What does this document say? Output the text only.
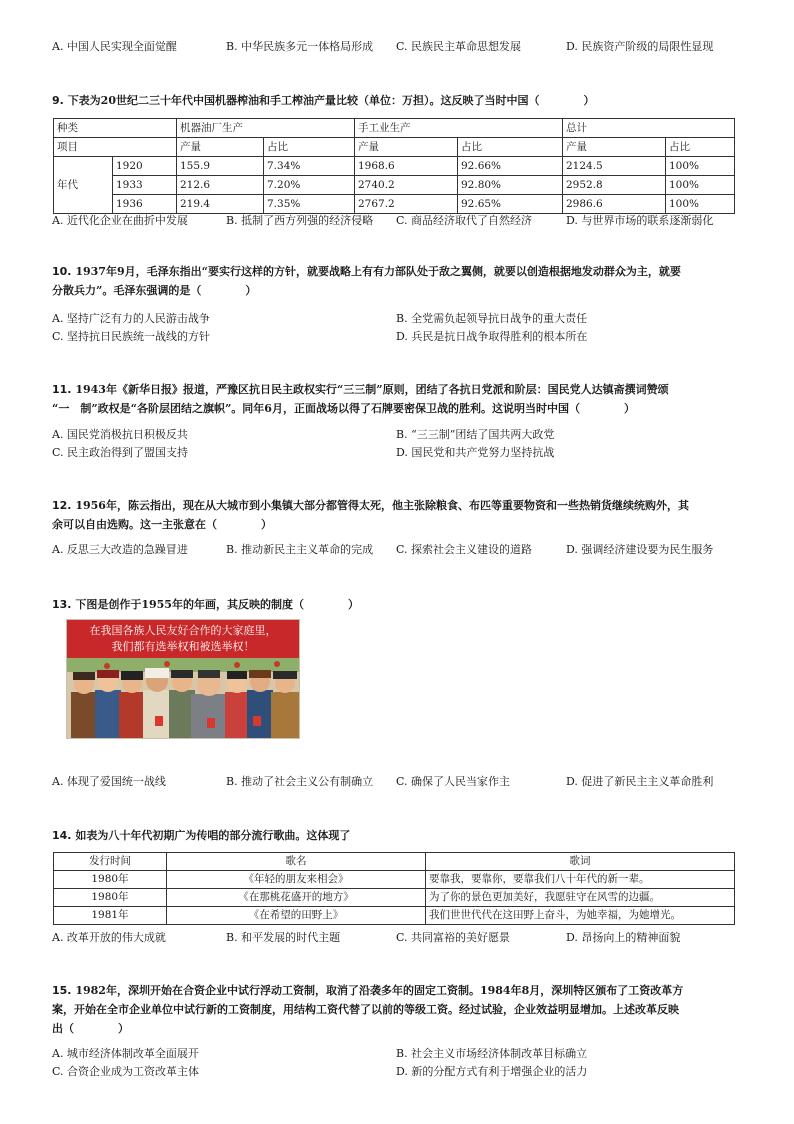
A. 中国人民实现全面觉醒	B. 中华民族多元一体格局形成 C. 民族民主革命思想发展	D. 民族资产阶级的局限性显现
9. 下表为20世纪二三十年代中国机器榨油和手工榨油产量比较（单位：万担）。这反映了当时中国（　　　　）
种类		机器油厂生产		手工业生产		总计	
项目		产量	占比	产量	占比	产量	占比
年代	1920	155.9	7.34%	1968.6	92.66%	2124.5	100%
	1933	212.6	7.20%	2740.2	92.80%	2952.8	100%
	1936	219.4	7.35%	2767.2	92.65%	2986.6	100%
A. 近代化企业在曲折中发展	B. 抵制了西方列强的经济侵略 C. 商品经济取代了自然经济	D. 与世界市场的联系逐渐弱化
10. 1937年9月，毛泽东指出“要实行这样的方针，就要战略上有有力部队处于敌之翼侧，就要以创造根据地发动群众为主，就要
分散兵力”。毛泽东强调的是（　　　　）
A. 坚持广泛有力的人民游击战争	B. 全党需负起领导抗日战争的重大责任
C. 坚持抗日民族统一战线的方针	D. 兵民是抗日战争取得胜利的根本所在
11. 1943年《新华日报》报道，严豫区抗日民主政权实行“三三制”原则，团结了各抗日党派和阶层：国民党人达镇斋撰词赞颂
“一　制”政权是“各阶层团结之旗帜”。同年6月，正面战场以得了石牌要密保卫战的胜利。这说明当时中国（　　　　）
A. 国民党消极抗日积极反共	B. “三三制”团结了国共两大政党
C. 民主政治得到了盟国支持	D. 国民党和共产党努力坚持抗战
12. 1956年，陈云指出，现在从大城市到小集镇大部分都管得太死，他主张除粮食、布匹等重要物资和一些热销货继续统购外，其
余可以自由选购。这一主张意在（　　　　）
A. 反思三大改造的急躁冒进	B. 推动新民主主义革命的完成 C. 探索社会主义建设的道路	D. 强调经济建设要为民生服务
13. 下图是创作于1955年的年画，其反映的制度（　　　　）
在我国各族人民友好合作的大家庭里，
我们都有选举权和被选举权！
A. 体现了爱国统一战线	B. 推动了社会主义公有制确立 C. 确保了人民当家作主	D. 促进了新民主主义革命胜利
14. 如表为八十年代初期广为传唱的部分流行歌曲。这体现了
发行时间	歌名	歌词
1980年	《年轻的朋友来相会》	要靠我，要靠你，要靠我们八十年代的新一辈。
1980年	《在那桃花盛开的地方》	为了你的景色更加美好，我愿驻守在风雪的边疆。
1981年	《在希望的田野上》	我们世世代代在这田野上奋斗，为她幸福，为她增光。
A. 改革开放的伟大成就	B. 和平发展的时代主题	C. 共同富裕的美好愿景	D. 昂扬向上的精神面貌
15. 1982年，深圳开始在合资企业中试行浮动工资制，取消了沿袭多年的固定工资制。1984年8月，深圳特区颁布了工资改革方
案，开始在全市企业单位中试行新的工资制度，用结构工资代替了以前的等级工资。经过试验，企业效益明显增加。上述改革反映
出（　　　　）
A. 城市经济体制改革全面展开	B. 社会主义市场经济体制改革目标确立
C. 合资企业成为工资改革主体	D. 新的分配方式有利于增强企业的活力
